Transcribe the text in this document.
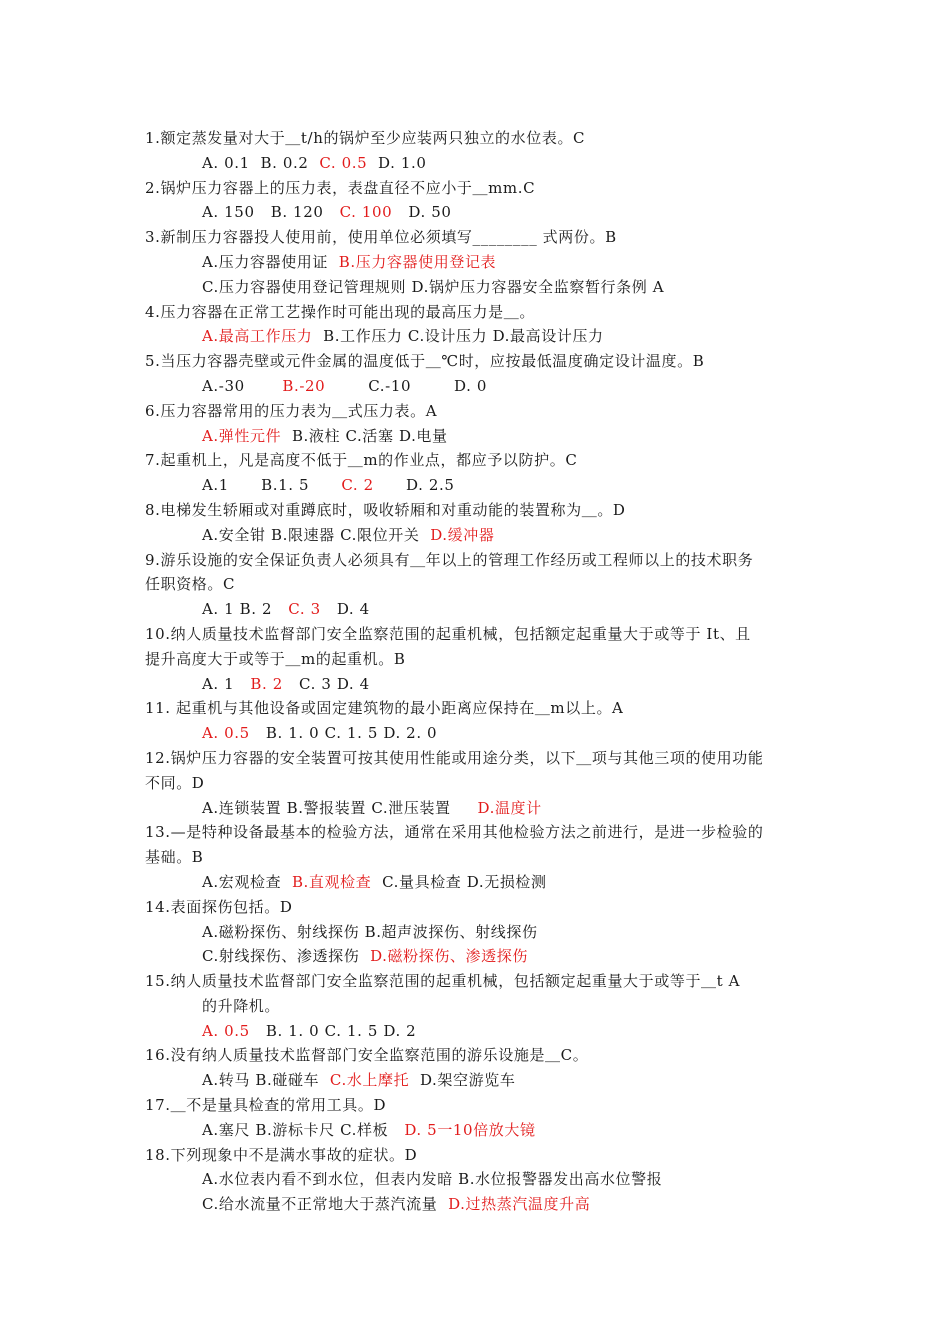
1.额定蒸发量对大于＿t/h的锅炉至少应装两只独立的水位表。C
A. 0.1  B. 0.2  C. 0.5  D. 1.0
2.锅炉压力容器上的压力表，表盘直径不应小于＿mm.C
A. 150   B. 120   C. 100   D. 50
3.新制压力容器投人使用前，使用单位必须填写________ 式两份。B
A.压力容器使用证  B.压力容器使用登记表
C.压力容器使用登记管理规则 D.锅炉压力容器安全监察暂行条例 A
4.压力容器在正常工艺操作时可能出现的最高压力是＿。
A.最高工作压力  B.工作压力 C.设计压力 D.最高设计压力
5.当压力容器壳壁或元件金属的温度低于＿℃时，应按最低温度确定设计温度。B
A.-30       B.-20        C.-10        D. 0
6.压力容器常用的压力表为＿式压力表。A
A.弹性元件  B.液柱 C.活塞 D.电量
7.起重机上，凡是高度不低于＿m的作业点，都应予以防护。C
A.1      B.1. 5      C. 2      D. 2.5
8.电梯发生轿厢或对重蹲底时，吸收轿厢和对重动能的装置称为＿。D
A.安全钳 B.限速器 C.限位开关  D.缓冲器
9.游乐设施的安全保证负责人必须具有＿年以上的管理工作经历或工程师以上的技术职务
任职资格。C
A. 1 B. 2   C. 3   D. 4
10.纳人质量技术监督部门安全监察范围的起重机械，包括额定起重量大于或等于 It、且
提升高度大于或等于＿m的起重机。B
A. 1   B. 2   C. 3 D. 4
11. 起重机与其他设备或固定建筑物的最小距离应保持在＿m以上。A
A. 0.5   B. 1. 0 C. 1. 5 D. 2. 0
12.锅炉压力容器的安全装置可按其使用性能或用途分类，以下＿项与其他三项的使用功能
不同。D
A.连锁装置 B.警报装置 C.泄压装置     D.温度计
13.—是特种设备最基本的检验方法，通常在采用其他检验方法之前进行，是进一步检验的
基础。B
A.宏观检查  B.直观检查  C.量具检查 D.无损检测
14.表面探伤包括。D
A.磁粉探伤、射线探伤 B.超声波探伤、射线探伤
C.射线探伤、渗透探伤  D.磁粉探伤、渗透探伤
15.纳人质量技术监督部门安全监察范围的起重机械，包括额定起重量大于或等于＿t A
的升降机。
A. 0.5   B. 1. 0 C. 1. 5 D. 2
16.没有纳人质量技术监督部门安全监察范围的游乐设施是＿C。
A.转马 B.碰碰车  C.水上摩托  D.架空游览车
17.＿不是量具检查的常用工具。D
A.塞尺 B.游标卡尺 C.样板   D. 5一10倍放大镜
18.下列现象中不是满水事故的症状。D
A.水位表内看不到水位，但表内发暗 B.水位报警器发出高水位警报
C.给水流量不正常地大于蒸汽流量  D.过热蒸汽温度升高
